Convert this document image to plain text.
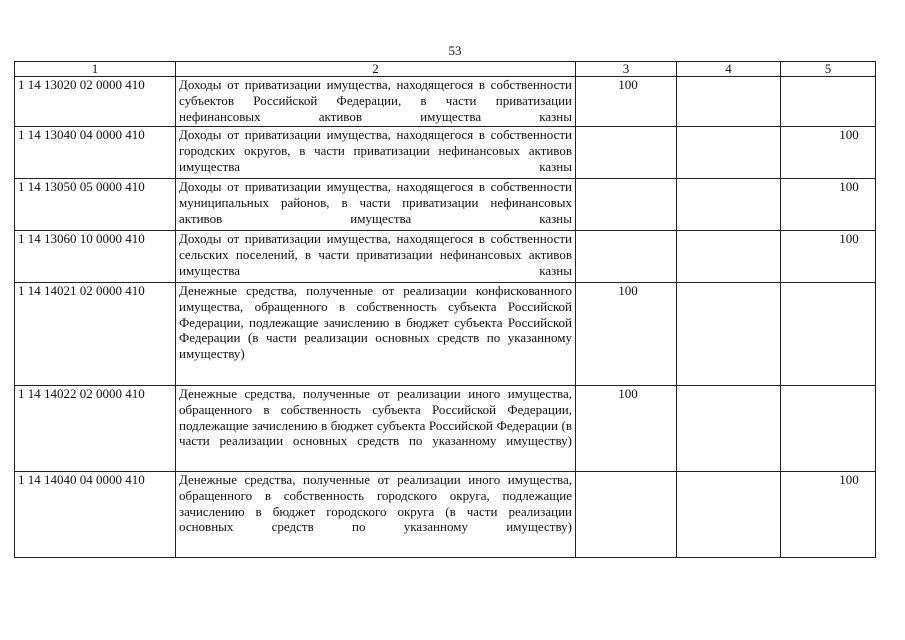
53
1	2	3	4	5
1 14 13020 02 0000 410	Доходы от приватизации имущества, находящегося в собственности субъектов Российской Федерации, в части приватизации нефинансовых активов имущества казны	100		
1 14 13040 04 0000 410	Доходы от приватизации имущества, находящегося в собственности городских округов, в части приватизации нефинансовых активов имущества казны			100
1 14 13050 05 0000 410	Доходы от приватизации имущества, находящегося в собственности муниципальных районов, в части приватизации нефинансовых активов имущества казны			100
1 14 13060 10 0000 410	Доходы от приватизации имущества, находящегося в собственности сельских поселений, в части приватизации нефинансовых активов имущества казны			100
1 14 14021 02 0000 410	Денежные средства, полученные от реализации конфискованного имущества, обращенного в собственность субъекта Российской Федерации, подлежащие зачислению в бюджет субъекта Российской Федерации (в части реализации основных средств по указанному имуществу)	100		
1 14 14022 02 0000 410	Денежные средства, полученные от реализации иного имущества, обращенного в собственность субъекта Российской Федерации, подлежащие зачислению в бюджет субъекта Российской Федерации (в части реализации основных средств по указанному имуществу)	100		
1 14 14040 04 0000 410	Денежные средства, полученные от реализации иного имущества, обращенного в собственность городского округа, подлежащие зачислению в бюджет городского округа (в части реализации основных средств по указанному имуществу)			100
